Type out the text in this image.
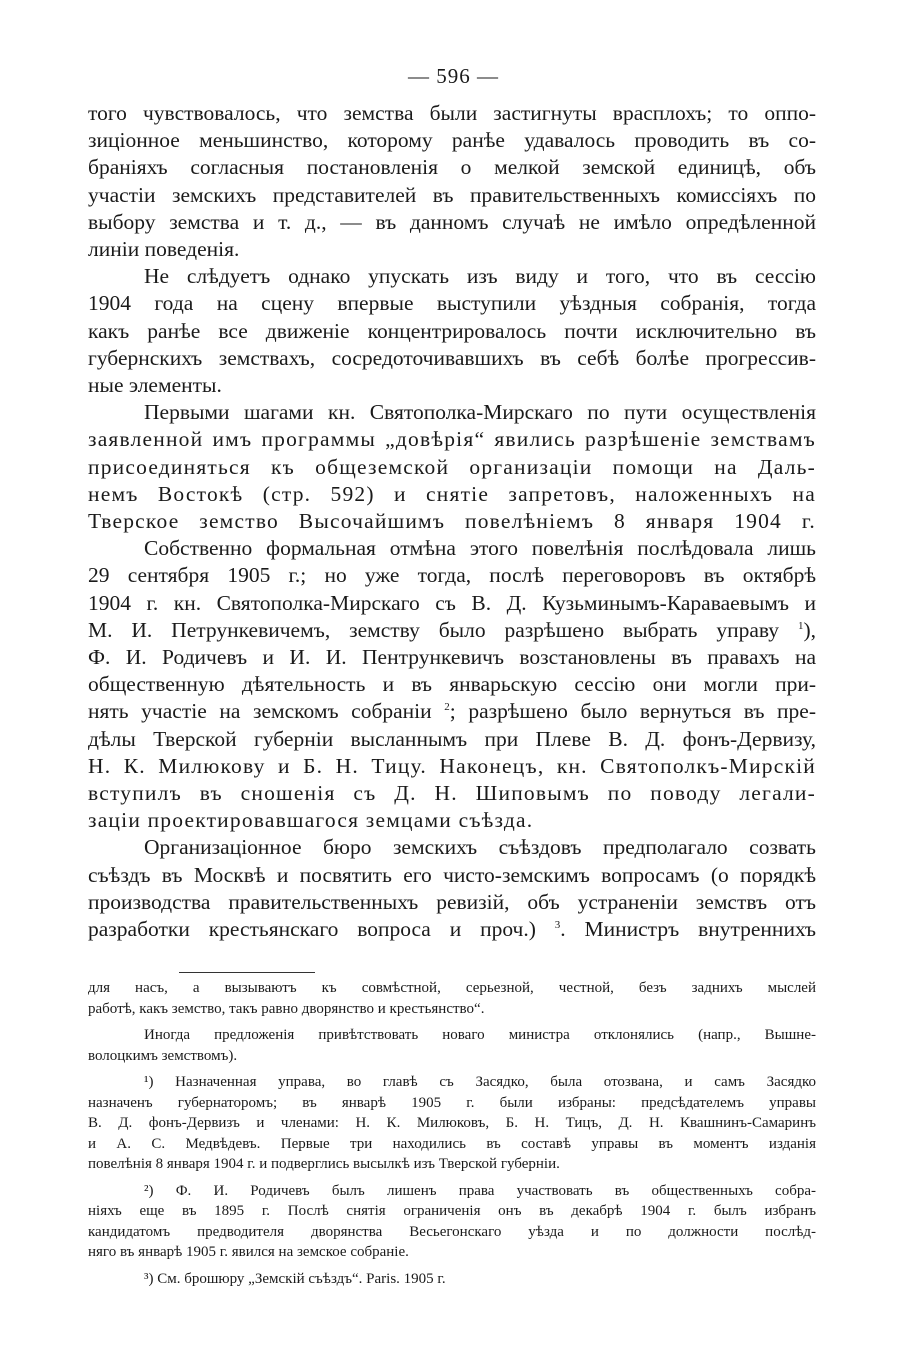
— 596 —

того чувствовалось, что земства были застигнуты врасплохъ; то оппо-
зиціонное меньшинство, которому ранѣе удавалось проводить въ со-
браніяхъ согласныя постановленія о мелкой земской единицѣ, объ
участіи земскихъ представителей въ правительственныхъ комиссіяхъ по
выбору земства и т. д., — въ данномъ случаѣ не имѣло опредѣленной
линіи поведенія.

Не слѣдуетъ однако упускать изъ виду и того, что въ сессію
1904 года на сцену впервые выступили уѣздныя собранія, тогда
какъ ранѣе все движеніе концентрировалось почти исключительно въ
губернскихъ земствахъ, сосредоточивавшихъ въ себѣ болѣе прогрессив-
ные элементы.

Первыми шагами кн. Святополка-Мирскаго по пути осуществленія
заявленной имъ программы „довѣрія“ явились разрѣшеніе земствамъ
присоединяться къ общеземской организаціи помощи на Даль-
немъ Востокѣ (стр. 592) и снятіе запретовъ, наложенныхъ на
Тверское земство Высочайшимъ повелѣніемъ 8 января 1904 г.

Собственно формальная отмѣна этого повелѣнія послѣдовала лишь
29 сентября 1905 г.; но уже тогда, послѣ переговоровъ въ октябрѣ
1904 г. кн. Святополка-Мирскаго съ В. Д. Кузьминымъ-Караваевымъ и
М. И. Петрункевичемъ, земству было разрѣшено выбрать управу $^1$),
Ф. И. Родичевъ и И. И. Пентрункевичъ возстановлены въ правахъ на
общественную дѣятельность и въ январьскую сессію они могли при-
нять участіе на земскомъ собраніи $^2$; разрѣшено было вернуться въ пре-
дѣлы Тверской губерніи высланнымъ при Плеве В. Д. фонъ-Дервизу,
Н. К. Милюкову и Б. Н. Тицу. Наконецъ, кн. Святополкъ-Мирскій
вступилъ въ сношенія съ Д. Н. Шиповымъ по поводу легали-
заціи проектировавшагося земцами съѣзда.

Организаціонное бюро земскихъ съѣздовъ предполагало созвать
съѣздъ въ Москвѣ и посвятить его чисто-земскимъ вопросамъ (о порядкѣ
производства правительственныхъ ревизій, объ устраненіи земствъ отъ
разработки крестьянскаго вопроса и проч.) $^3$. Министръ внутреннихъ

для насъ, а вызываютъ къ совмѣстной, серьезной, честной, безъ заднихъ мыслей
работѣ, какъ земство, такъ равно дворянство и крестьянство“.
Иногда предложенія привѣтствовать новаго министра отклонялись (напр., Вышне-
волоцкимъ земствомъ).
¹) Назначенная управа, во главѣ съ Засядко, была отозвана, и самъ Засядко
назначенъ губернаторомъ; въ январѣ 1905 г. были избраны: предсѣдателемъ управы
В. Д. фонъ-Дервизъ и членами: Н. К. Милюковъ, Б. Н. Тицъ, Д. Н. Квашнинъ-Самаринъ
и А. С. Медвѣдевъ. Первые три находились въ составѣ управы въ моментъ изданія
повелѣнія 8 января 1904 г. и подверглись высылкѣ изъ Тверской губерніи.
²) Ф. И. Родичевъ былъ лишенъ права участвовать въ общественныхъ собра-
ніяхъ еще въ 1895 г. Послѣ снятія ограниченія онъ въ декабрѣ 1904 г. былъ избранъ
кандидатомъ предводителя дворянства Весьегонскаго уѣзда и по должности послѣд-
няго въ январѣ 1905 г. явился на земское собраніе.
³) См. брошюру „Земскій съѣздъ“. Paris. 1905 г.
